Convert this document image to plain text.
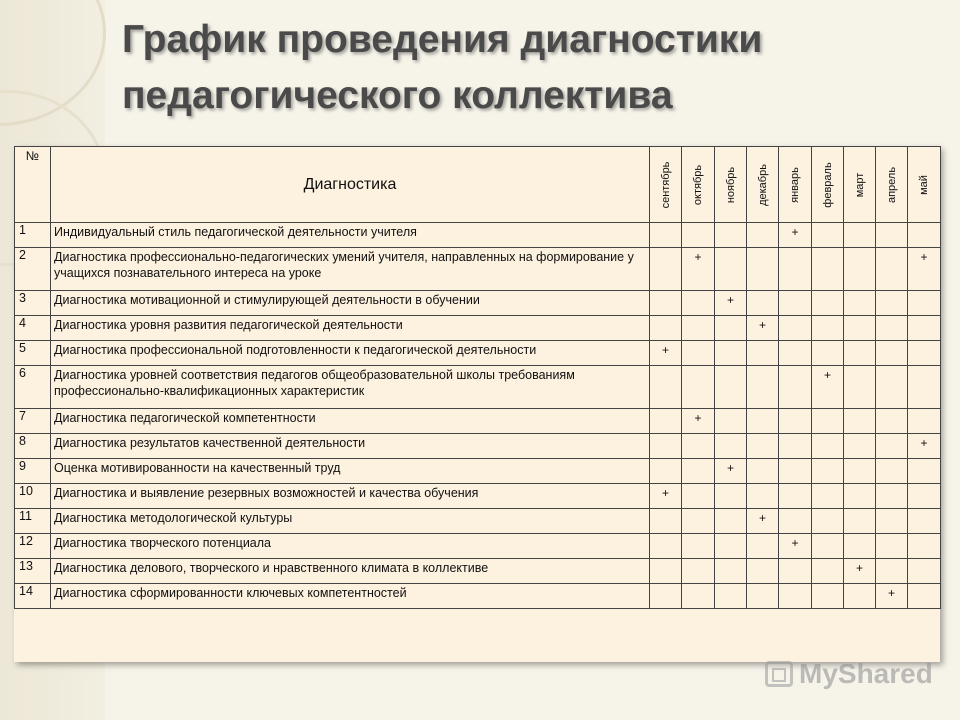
График проведения диагностики педагогического коллектива
№	Диагностика	сентябрь	октябрь	ноябрь	декабрь	январь	февраль	март	апрель	май

1	Индивидуальный стиль педагогической деятельности учителя					+				
2	Диагностика профессионально-педагогических умений учителя, направленных на формирование у учащихся познавательного интереса на уроке		+							+
3	Диагностика мотивационной и стимулирующей деятельности в обучении			+						
4	Диагностика уровня развития педагогической деятельности				+					
5	Диагностика профессиональной подготовленности к педагогической деятельности	+								
6	Диагностика уровней соответствия педагогов общеобразовательной школы требованиям профессионально-квалификационных характеристик						+			
7	Диагностика педагогической компетентности		+							
8	Диагностика результатов качественной деятельности									+
9	Оценка мотивированности на качественный труд			+						
10	Диагностика и выявление резервных возможностей и качества обучения	+								
11	Диагностика методологической культуры				+					
12	Диагностика творческого потенциала					+				
13	Диагностика делового, творческого и нравственного климата в коллективе							+		
14	Диагностика сформированности ключевых компетентностей								+	
MyShared
